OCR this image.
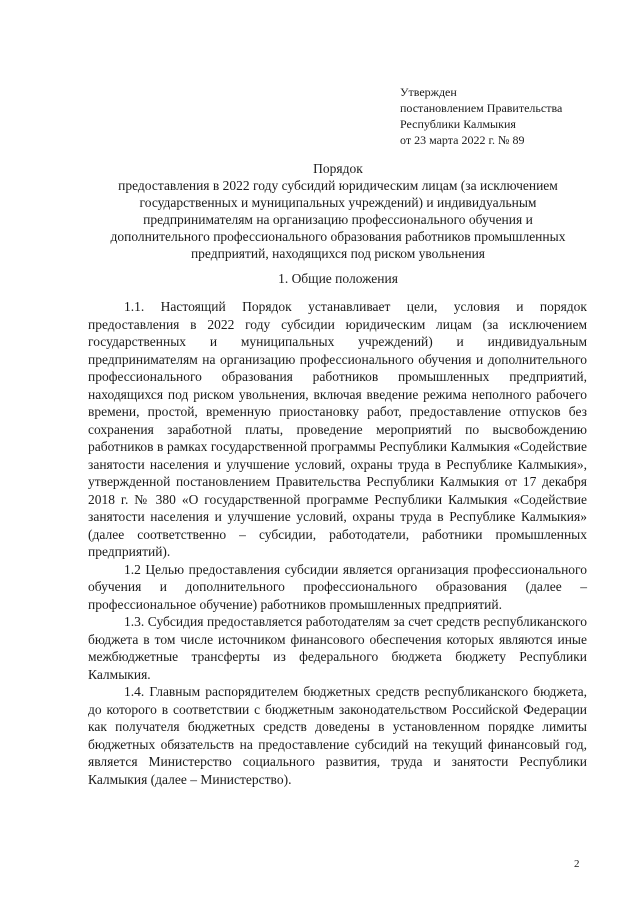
Утвержден
постановлением Правительства
Республики Калмыкия
от 23 марта 2022 г. № 89
Порядок
предоставления в 2022 году субсидий юридическим лицам (за исключением государственных и муниципальных учреждений) и индивидуальным предпринимателям на организацию профессионального обучения и дополнительного профессионального образования работников промышленных предприятий, находящихся под риском увольнения
1. Общие положения

1.1. Настоящий Порядок устанавливает цели, условия и порядок предоставления в 2022 году субсидии юридическим лицам (за исключением государственных и муниципальных учреждений) и индивидуальным предпринимателям на организацию профессионального обучения и дополнительного профессионального образования работников промышленных предприятий, находящихся под риском увольнения, включая введение режима неполного рабочего времени, простой, временную приостановку работ, предоставление отпусков без сохранения заработной платы, проведение мероприятий по высвобождению работников в рамках государственной программы Республики Калмыкия «Содействие занятости населения и улучшение условий, охраны труда в Республике Калмыкия», утвержденной постановлением Правительства Республики Калмыкия от 17 декабря 2018 г. № 380 «О государственной программе Республики Калмыкия «Содействие занятости населения и улучшение условий, охраны труда в Республике Калмыкия» (далее соответственно – субсидии, работодатели, работники промышленных предприятий).

1.2 Целью предоставления субсидии является организация профессионального обучения и дополнительного профессионального образования (далее – профессиональное обучение) работников промышленных предприятий.

1.3. Субсидия предоставляется работодателям за счет средств республиканского бюджета в том числе источником финансового обеспечения которых являются иные межбюджетные трансферты из федерального бюджета бюджету Республики Калмыкия.

1.4. Главным распорядителем бюджетных средств республиканского бюджета, до которого в соответствии с бюджетным законодательством Российской Федерации как получателя бюджетных средств доведены в установленном порядке лимиты бюджетных обязательств на предоставление субсидий на текущий финансовый год, является Министерство социального развития, труда и занятости Республики Калмыкия (далее – Министерство).

2
